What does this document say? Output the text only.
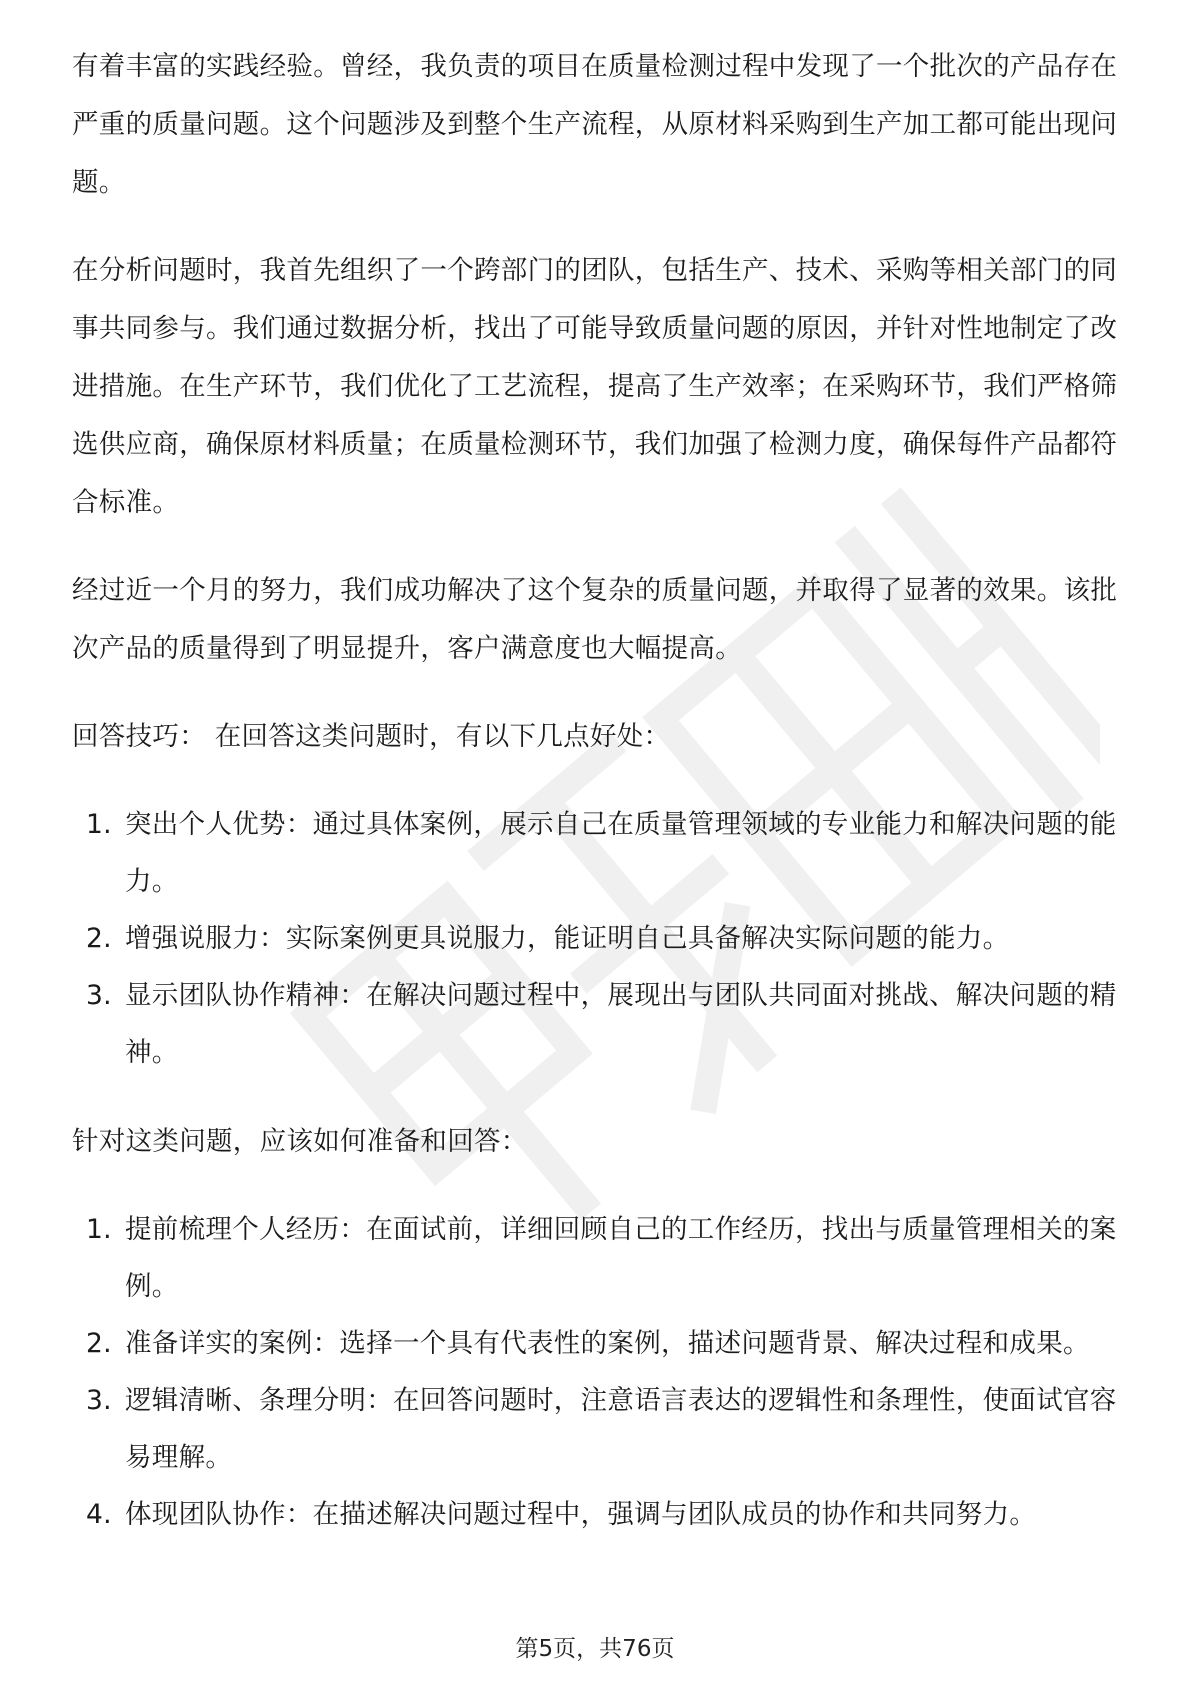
有着丰富的实践经验。曾经，我负责的项目在质量检测过程中发现了一个批次的产品存在严重的质量问题。这个问题涉及到整个生产流程，从原材料采购到生产加工都可能出现问题。

在分析问题时，我首先组织了一个跨部门的团队，包括生产、技术、采购等相关部门的同事共同参与。我们通过数据分析，找出了可能导致质量问题的原因，并针对性地制定了改进措施。在生产环节，我们优化了工艺流程，提高了生产效率；在采购环节，我们严格筛选供应商，确保原材料质量；在质量检测环节，我们加强了检测力度，确保每件产品都符合标准。

经过近一个月的努力，我们成功解决了这个复杂的质量问题，并取得了显著的效果。该批次产品的质量得到了明显提升，客户满意度也大幅提高。

回答技巧： 在回答这类问题时，有以下几点好处：

1. 突出个人优势：通过具体案例，展示自己在质量管理领域的专业能力和解决问题的能力。
2. 增强说服力：实际案例更具说服力，能证明自己具备解决实际问题的能力。
3. 显示团队协作精神：在解决问题过程中，展现出与团队共同面对挑战、解决问题的精神。

针对这类问题，应该如何准备和回答：

1. 提前梳理个人经历：在面试前，详细回顾自己的工作经历，找出与质量管理相关的案例。
2. 准备详实的案例：选择一个具有代表性的案例，描述问题背景、解决过程和成果。
3. 逻辑清晰、条理分明：在回答问题时，注意语言表达的逻辑性和条理性，使面试官容易理解。
4. 体现团队协作：在描述解决问题过程中，强调与团队成员的协作和共同努力。
第5页，共76页
